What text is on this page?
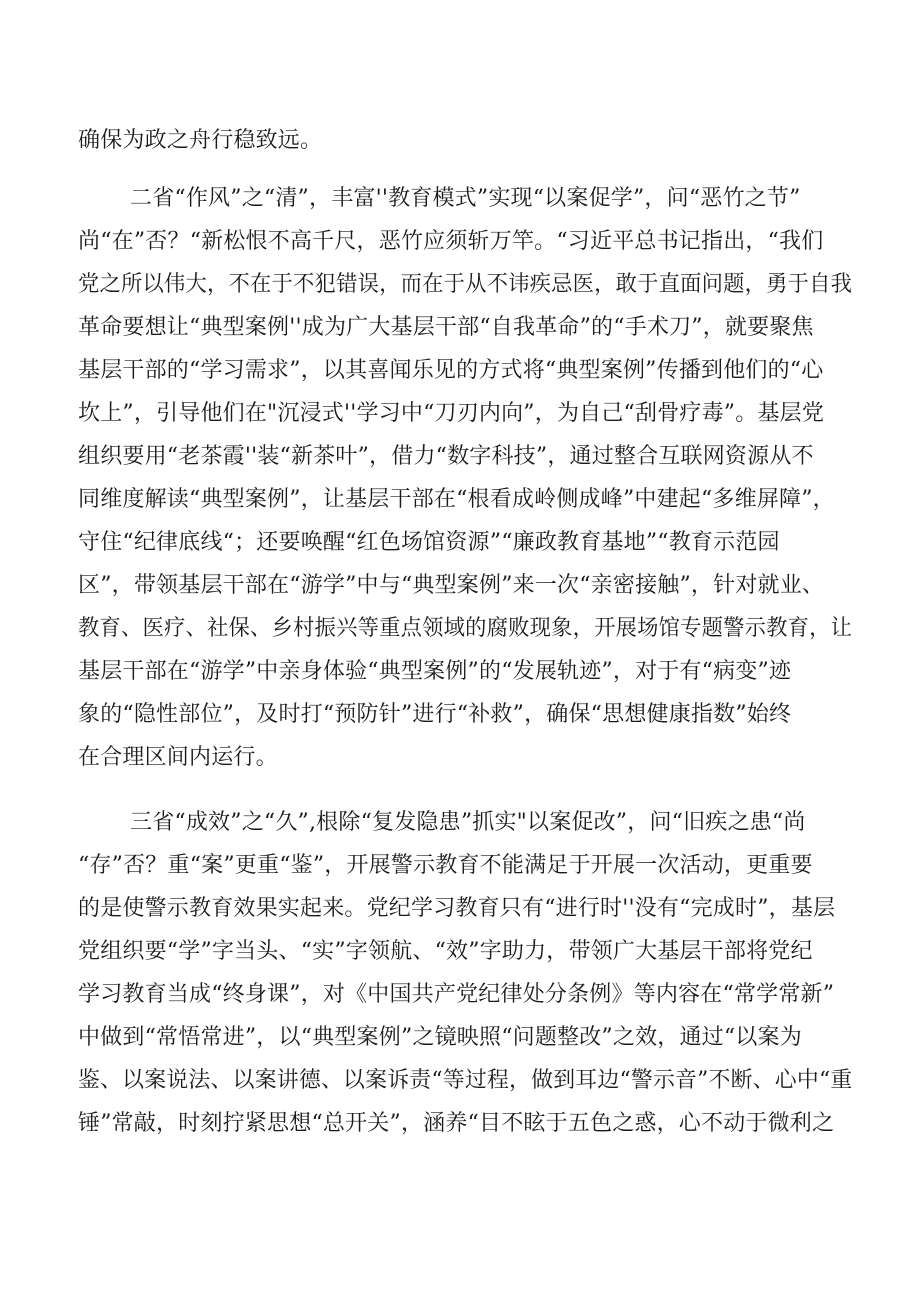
确保为政之舟行稳致远。
二省“作风”之“清”，丰富''教育模式”实现“以案促学”，问“恶竹之节”
尚“在”否？“新松恨不高千尺，恶竹应须斩万竿。“习近平总书记指出，“我们
党之所以伟大，不在于不犯错误，而在于从不讳疾忌医，敢于直面问题，勇于自我
革命要想让“典型案例''成为广大基层干部“自我革命”的“手术刀”，就要聚焦
基层干部的“学习需求”，以其喜闻乐见的方式将“典型案例”传播到他们的“心
坎上”，引导他们在"沉浸式''学习中“刀刃内向”，为自己“刮骨疗毒”。基层党
组织要用“老茶霞''装“新茶叶”，借力“数字科技”，通过整合互联网资源从不
同维度解读“典型案例”，让基层干部在“根看成岭侧成峰”中建起“多维屏障”，
守住“纪律底线“；还要唤醒“红色场馆资源”“廉政教育基地”“教育示范园
区”，带领基层干部在“游学”中与“典型案例”来一次“亲密接触”，针对就业、
教育、医疗、社保、乡村振兴等重点领域的腐败现象，开展场馆专题警示教育，让
基层干部在“游学”中亲身体验“典型案例”的“发展轨迹”，对于有“病变”迹
象的“隐性部位”，及时打“预防针”进行“补救”，确保“思想健康指数”始终
在合理区间内运行。
三省“成效”之“久”,根除“复发隐患”抓实"以案促改”，问“旧疾之患“尚
“存”否？重“案”更重“鉴”，开展警示教育不能满足于开展一次活动，更重要
的是使警示教育效果实起来。党纪学习教育只有“进行时''没有“完成时”，基层
党组织要“学”字当头、“实”字领航、“效”字助力，带领广大基层干部将党纪
学习教育当成“终身课”，对《中国共产党纪律处分条例》等内容在“常学常新”
中做到“常悟常进”，以“典型案例”之镜映照“问题整改”之效，通过“以案为
鉴、以案说法、以案讲德、以案诉责“等过程，做到耳边“警示音”不断、心中“重
锤”常敲，时刻拧紧思想“总开关”，涵养“目不眩于五色之惑，心不动于微利之
